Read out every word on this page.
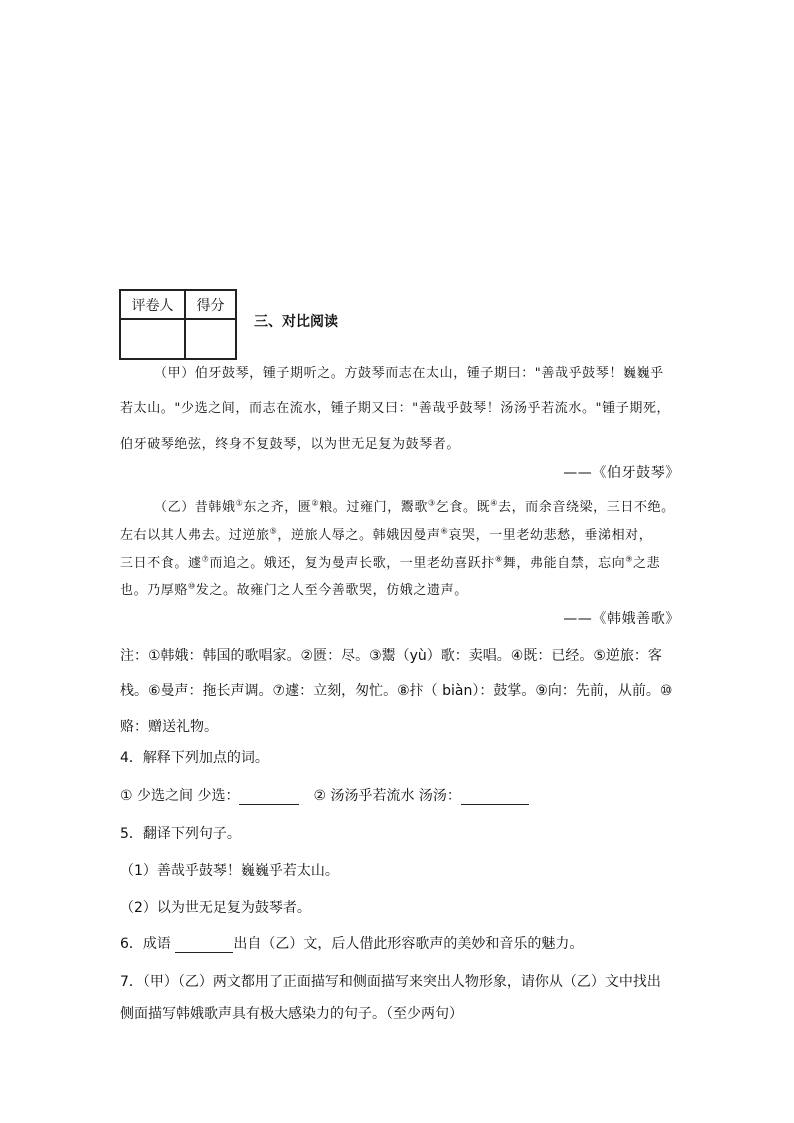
评卷人	得分

三、对比阅读
（甲）伯牙鼓琴，锺子期听之。方鼓琴而志在太山，锺子期曰："善哉乎鼓琴！巍巍乎
若太山。"少选之间，而志在流水，锺子期又曰："善哉乎鼓琴！汤汤乎若流水。"锺子期死，
伯牙破琴绝弦，终身不复鼓琴，以为世无足复为鼓琴者。
——《伯牙鼓琴》
（乙）昔韩娥①东之齐，匮②粮。过雍门，鬻歌③乞食。既④去，而余音绕梁，三日不绝。
左右以其人弗去。过逆旅⑤，逆旅人辱之。韩娥因曼声⑥哀哭，一里老幼悲愁，垂涕相对，
三日不食。遽⑦而追之。娥还，复为曼声长歌，一里老幼喜跃抃⑧舞，弗能自禁，忘向⑨之悲
也。乃厚赂⑩发之。故雍门之人至今善歌哭，仿娥之遗声。
——《韩娥善歌》
注：①韩娥：韩国的歌唱家。②匮：尽。③鬻（yù）歌：卖唱。④既：已经。⑤逆旅：客
栈。⑥曼声：拖长声调。⑦遽：立刻，匆忙。⑧抃（ biàn）：鼓掌。⑨向：先前，从前。⑩
赂：赠送礼物。
4．解释下列加点的词。
① 少选之间 少选：	② 汤汤乎若流水 汤汤：
5．翻译下列句子。
（1）善哉乎鼓琴！巍巍乎若太山。
（2）以为世无足复为鼓琴者。
6．成语	出自（乙）文，后人借此形容歌声的美妙和音乐的魅力。
7．（甲）（乙）两文都用了正面描写和侧面描写来突出人物形象，请你从（乙）文中找出
侧面描写韩娥歌声具有极大感染力的句子。（至少两句）
